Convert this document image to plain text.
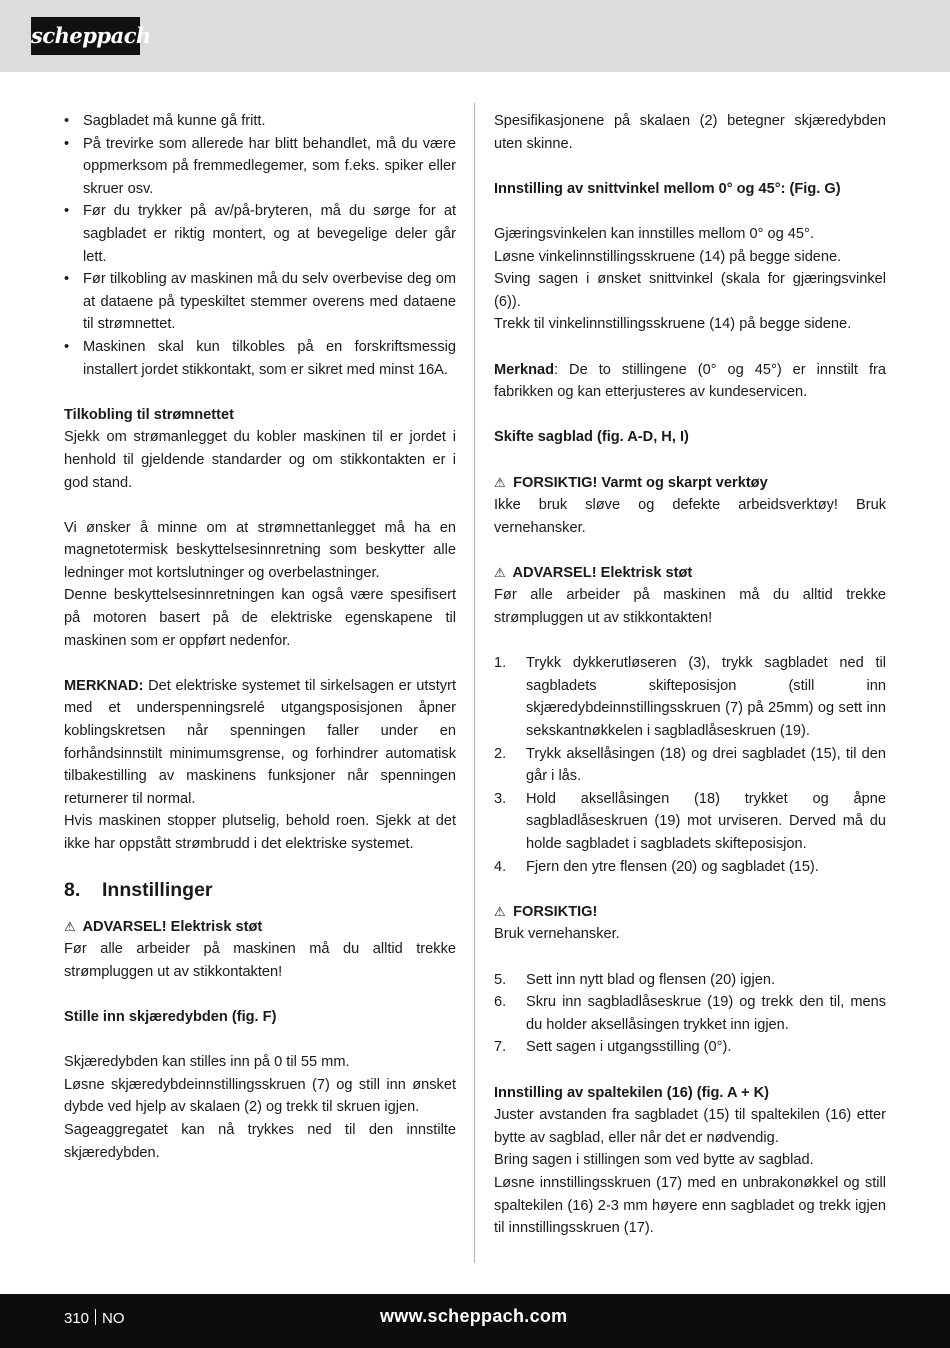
scheppach
• Sagbladet må kunne gå fritt.
• På trevirke som allerede har blitt behandlet, må du være oppmerksom på fremmedlegemer, som f.eks. spiker eller skruer osv.
• Før du trykker på av/på-bryteren, må du sørge for at sagbladet er riktig montert, og at bevegelige deler går lett.
• Før tilkobling av maskinen må du selv overbevise deg om at dataene på typeskiltet stemmer overens med dataene til strømnettet.
• Maskinen skal kun tilkobles på en forskriftsmessig installert jordet stikkontakt, som er sikret med minst 16A.
Tilkobling til strømnettet
Sjekk om strømanlegget du kobler maskinen til er jordet i henhold til gjeldende standarder og om stikkontakten er i god stand.
Vi ønsker å minne om at strømnettanlegget må ha en magnetotermisk beskyttelsesinnretning som beskytter alle ledninger mot kortslutninger og overbelastninger.
Denne beskyttelsesinnretningen kan også være spesifisert på motoren basert på de elektriske egenskapene til maskinen som er oppført nedenfor.
MERKNAD: Det elektriske systemet til sirkelsagen er utstyrt med et underspenningsrelé utgangsposisjonen åpner koblingskretsen når spenningen faller under en forhåndsinnstilt minimumsgrense, og forhindrer automatisk tilbakestilling av maskinens funksjoner når spenningen returnerer til normal.
Hvis maskinen stopper plutselig, behold roen. Sjekk at det ikke har oppstått strømbrudd i det elektriske systemet.
8. Innstillinger
⚠ ADVARSEL! Elektrisk støt
Før alle arbeider på maskinen må du alltid trekke strømpluggen ut av stikkontakten!
Stille inn skjæredybden (fig. F)
Skjæredybden kan stilles inn på 0 til 55 mm.
Løsne skjæredybdeinnstillingsskruen (7) og still inn ønsket dybde ved hjelp av skalaen (2) og trekk til skruen igjen.
Sageaggregatet kan nå trykkes ned til den innstilte skjæredybden.
Spesifikasjonene på skalaen (2) betegner skjæredybden uten skinne.
Innstilling av snittvinkel mellom 0° og 45°: (Fig. G)
Gjæringsvinkelen kan innstilles mellom 0° og 45°.
Løsne vinkelinnstillingsskruene (14) på begge sidene.
Sving sagen i ønsket snittvinkel (skala for gjæringsvinkel (6)).
Trekk til vinkelinnstillingsskruene (14) på begge sidene.
Merknad: De to stillingene (0° og 45°) er innstilt fra fabrikken og kan etterjusteres av kundeservicen.
Skifte sagblad (fig. A-D, H, I)
⚠ FORSIKTIG! Varmt og skarpt verktøy
Ikke bruk sløve og defekte arbeidsverktøy! Bruk vernehansker.
⚠ ADVARSEL! Elektrisk støt
Før alle arbeider på maskinen må du alltid trekke strømpluggen ut av stikkontakten!
1. Trykk dykkerutløseren (3), trykk sagbladet ned til sagbladets skifteposisjon (still inn skjæredybdeinnstillingsskruen (7) på 25mm) og sett inn sekskantnøkkelen i sagbladlåseskruen (19).
2. Trykk aksellåsingen (18) og drei sagbladet (15), til den går i lås.
3. Hold aksellåsingen (18) trykket og åpne sagbladlåseskruen (19) mot urviseren. Derved må du holde sagbladet i sagbladets skifteposisjon.
4. Fjern den ytre flensen (20) og sagbladet (15).
⚠ FORSIKTIG!
Bruk vernehansker.
5. Sett inn nytt blad og flensen (20) igjen.
6. Skru inn sagbladlåseskrue (19) og trekk den til, mens du holder aksellåsingen trykket inn igjen.
7. Sett sagen i utgangsstilling (0°).
Innstilling av spaltekilen (16) (fig. A + K)
Juster avstanden fra sagbladet (15) til spaltekilen (16) etter bytte av sagblad, eller når det er nødvendig.
Bring sagen i stillingen som ved bytte av sagblad.
Løsne innstillingsskruen (17) med en unbrakonøkkel og still spaltekilen (16) 2-3 mm høyere enn sagbladet og trekk igjen til innstillingsskruen (17).
310 NO	www.scheppach.com
